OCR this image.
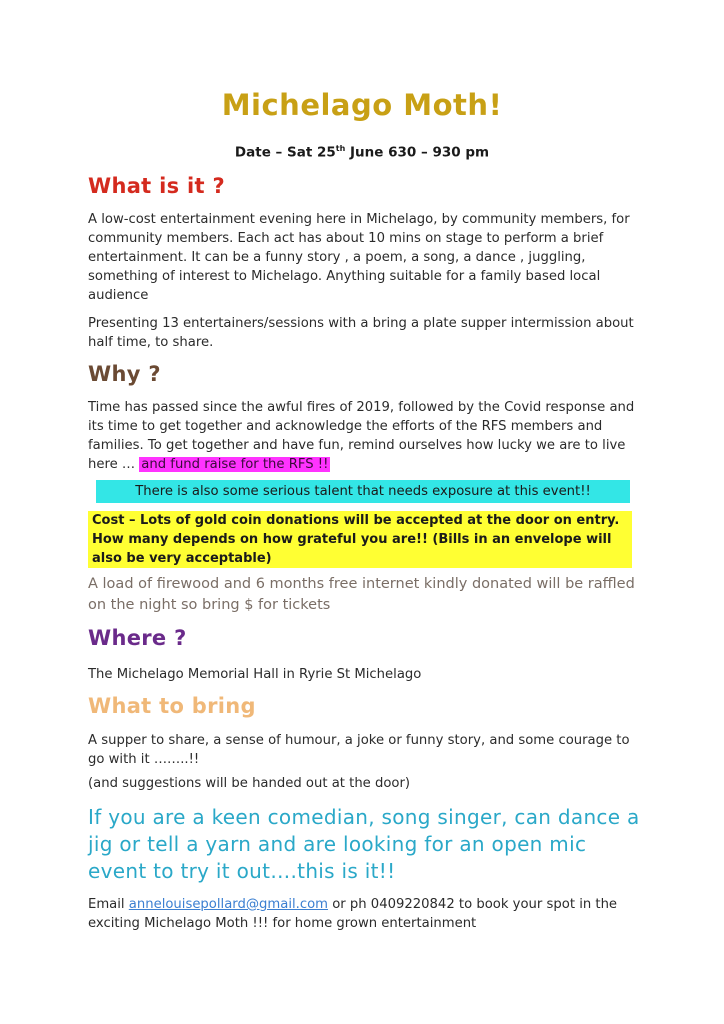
Michelago Moth!
Date – Sat 25th June 630 – 930 pm
What is it ?

A low-cost entertainment evening here in Michelago, by community members, for community members. Each act has about 10 mins on stage to perform a brief entertainment. It can be a funny story , a poem, a song, a dance , juggling, something of interest to Michelago. Anything suitable for a family based local audience

Presenting 13 entertainers/sessions with a bring a plate supper intermission about half time, to share.

Why ?

Time has passed since the awful fires of 2019, followed by the Covid response and its time to get together and acknowledge the efforts of the RFS members and families. To get together and have fun, remind ourselves how lucky we are to live here … and fund raise for the RFS !!

There is also some serious talent that needs exposure at this event!!
Cost – Lots of gold coin donations will be accepted at the door on entry. How many depends on how grateful you are!! (Bills in an envelope will also be very acceptable)

A load of firewood and 6 months free internet kindly donated will be raffled on the night so bring $ for tickets

Where ?

The Michelago Memorial Hall in Ryrie St Michelago

What to bring

A supper to share, a sense of humour, a joke or funny story, and some courage to go with it ……..!!

(and suggestions will be handed out at the door)

If you are a keen comedian, song singer, can dance a jig or tell a yarn and are looking for an open mic event to try it out….this is it!!

Email annelouisepollard@gmail.com or ph 0409220842 to book your spot in the exciting Michelago Moth !!! for home grown entertainment
